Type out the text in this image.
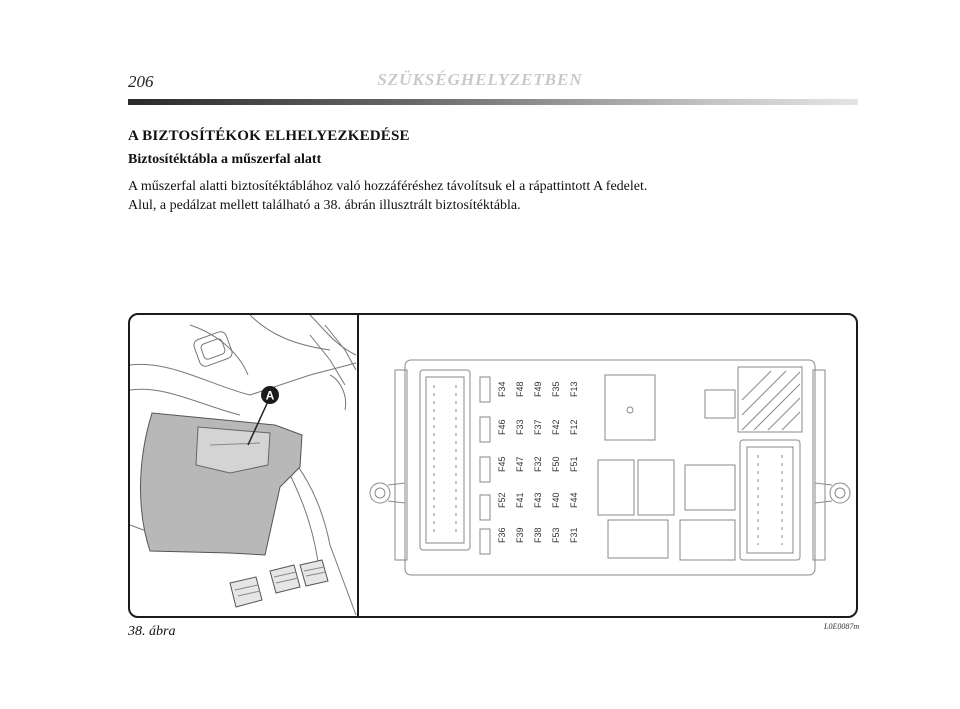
206	SZÜKSÉGHELYZETBEN
A BIZTOSÍTÉKOK ELHELYEZKEDÉSE
Biztosítéktábla a műszerfal alatt

A műszerfal alatti biztosítéktáblához való hozzáféréshez távolítsuk el a rápattintott A fedelet.
Alul, a pedálzat mellett található a 38. ábrán illusztrált biztosítéktábla.

A	F34
F46
F45
F52
F36
F48
F33
F47
F41
F39
F49
F37
F32
F43
F38
F35
F42
F50
F40
F53
F13
F12
F51
F44
F31
38. ábra	L0E0087m
